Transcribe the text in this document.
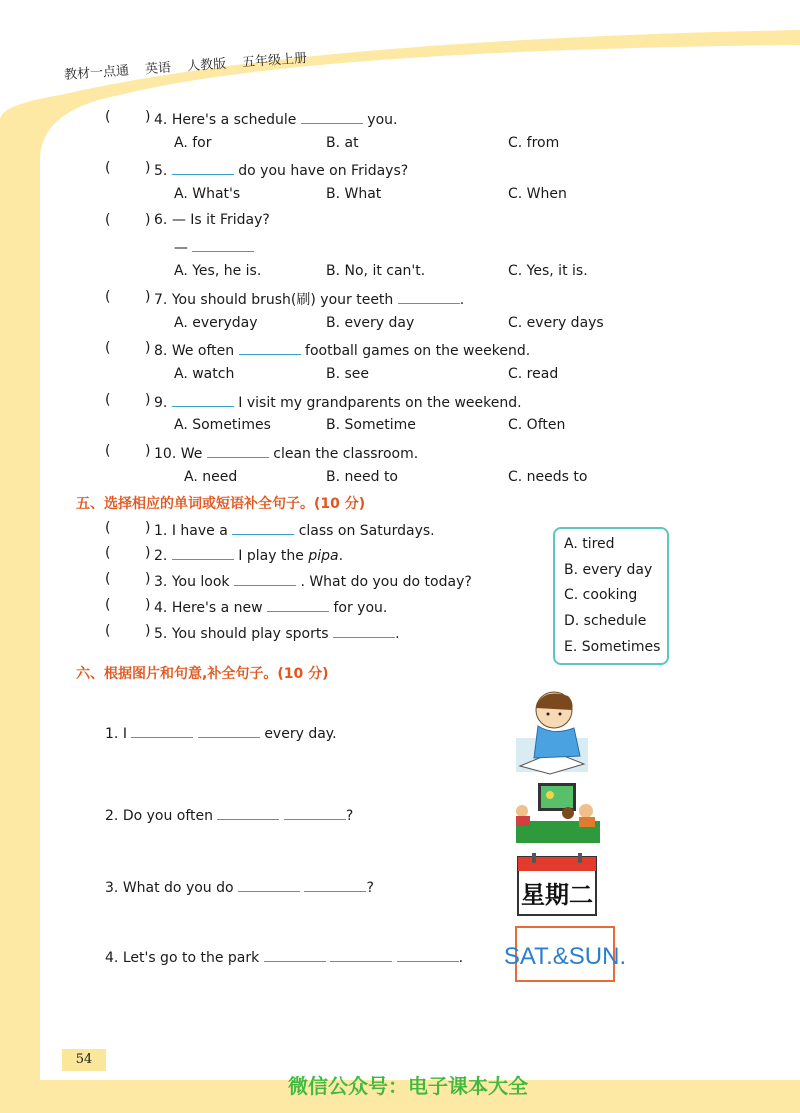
教材一点通 英语 人教版 五年级上册
( ) 4. Here's a schedule	you.
A. for	B. at	C. from
( ) 5.	do you have on Fridays?
A. What's	B. What	C. When
( ) 6. — Is it Friday?
—
A. Yes, he is.	B. No, it can't.	C. Yes, it is.
( ) 7. You should brush(刷) your teeth	.
A. everyday	B. every day	C. every days
( ) 8. We often	football games on the weekend.
A. watch	B. see	C. read
( ) 9.	I visit my grandparents on the weekend.
A. Sometimes	B. Sometime	C. Often
( ) 10. We	clean the classroom.
A. need	B. need to	C. needs to
五、选择相应的单词或短语补全句子。(10 分)
( ) 1. I have a	class on Saturdays.
( ) 2.	I play the pipa.
( ) 3. You look	. What do you do today?
( ) 4. Here's a new	for you.
( ) 5. You should play sports	.
A. tired
B. every day
C. cooking
D. schedule
E. Sometimes
六、根据图片和句意,补全句子。(10 分)
1. I	every day.
2. Do you often	?
3. What do you do	?
4. Let's go to the park	.
星期二
SAT.&SUN.
54
微信公众号：电子课本大全
